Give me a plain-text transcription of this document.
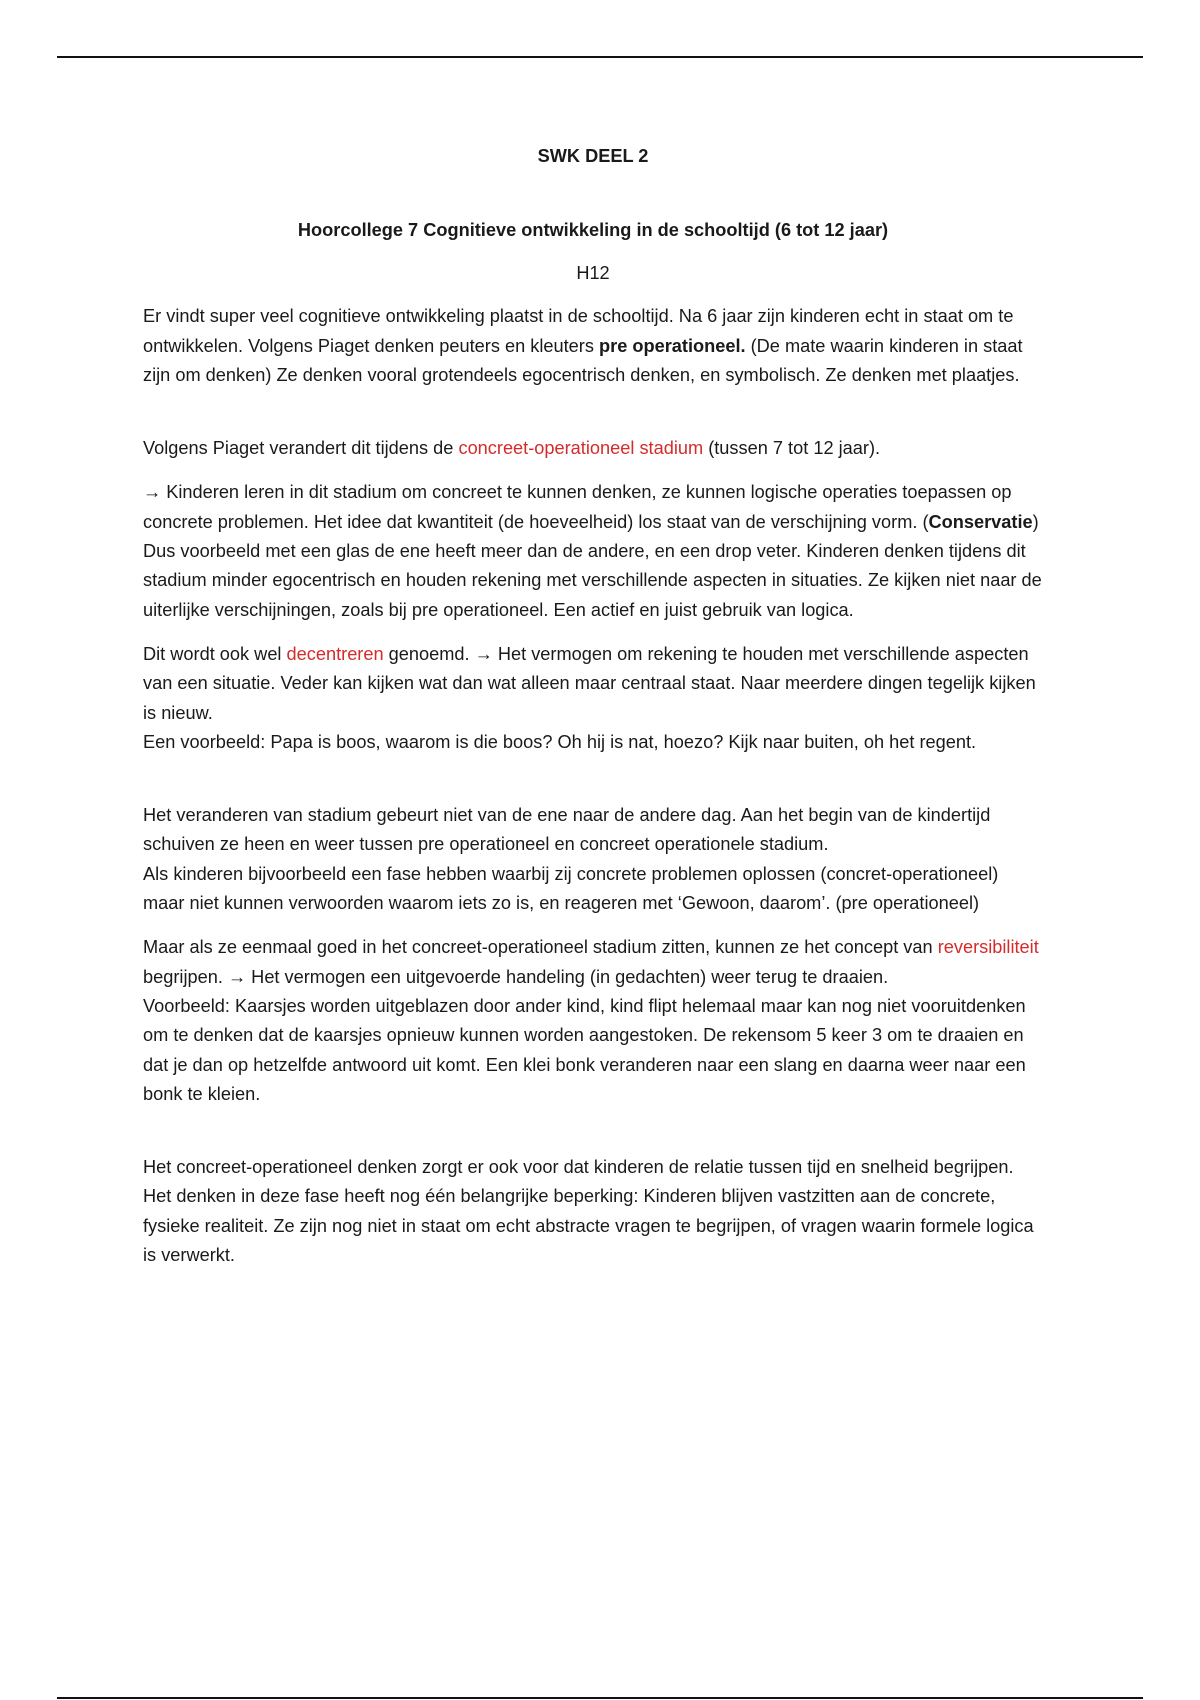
SWK DEEL 2
Hoorcollege 7 Cognitieve ontwikkeling in de schooltijd (6 tot 12 jaar)
H12

Er vindt super veel cognitieve ontwikkeling plaatst in de schooltijd. Na 6 jaar zijn kinderen echt in staat om te ontwikkelen. Volgens Piaget denken peuters en kleuters pre operationeel. (De mate waarin kinderen in staat zijn om denken) Ze denken vooral grotendeels egocentrisch denken, en symbolisch. Ze denken met plaatjes.

Volgens Piaget verandert dit tijdens de concreet-operationeel stadium (tussen 7 tot 12 jaar).

→ Kinderen leren in dit stadium om concreet te kunnen denken, ze kunnen logische operaties toepassen op concrete problemen. Het idee dat kwantiteit (de hoeveelheid) los staat van de verschijning vorm. (Conservatie) Dus voorbeeld met een glas de ene heeft meer dan de andere, en een drop veter. Kinderen denken tijdens dit stadium minder egocentrisch en houden rekening met verschillende aspecten in situaties. Ze kijken niet naar de uiterlijke verschijningen, zoals bij pre operationeel. Een actief en juist gebruik van logica.

Dit wordt ook wel decentreren genoemd. → Het vermogen om rekening te houden met verschillende aspecten van een situatie. Veder kan kijken wat dan wat alleen maar centraal staat. Naar meerdere dingen tegelijk kijken is nieuw.
Een voorbeeld: Papa is boos, waarom is die boos? Oh hij is nat, hoezo? Kijk naar buiten, oh het regent.

Het veranderen van stadium gebeurt niet van de ene naar de andere dag. Aan het begin van de kindertijd schuiven ze heen en weer tussen pre operationeel en concreet operationele stadium.
Als kinderen bijvoorbeeld een fase hebben waarbij zij concrete problemen oplossen (concret-operationeel) maar niet kunnen verwoorden waarom iets zo is, en reageren met ‘Gewoon, daarom’. (pre operationeel)

Maar als ze eenmaal goed in het concreet-operationeel stadium zitten, kunnen ze het concept van reversibiliteit begrijpen. → Het vermogen een uitgevoerde handeling (in gedachten) weer terug te draaien.
Voorbeeld: Kaarsjes worden uitgeblazen door ander kind, kind flipt helemaal maar kan nog niet vooruitdenken om te denken dat de kaarsjes opnieuw kunnen worden aangestoken. De rekensom 5 keer 3 om te draaien en dat je dan op hetzelfde antwoord uit komt. Een klei bonk veranderen naar een slang en daarna weer naar een bonk te kleien.

Het concreet-operationeel denken zorgt er ook voor dat kinderen de relatie tussen tijd en snelheid begrijpen. Het denken in deze fase heeft nog één belangrijke beperking: Kinderen blijven vastzitten aan de concrete, fysieke realiteit. Ze zijn nog niet in staat om echt abstracte vragen te begrijpen, of vragen waarin formele logica is verwerkt.
